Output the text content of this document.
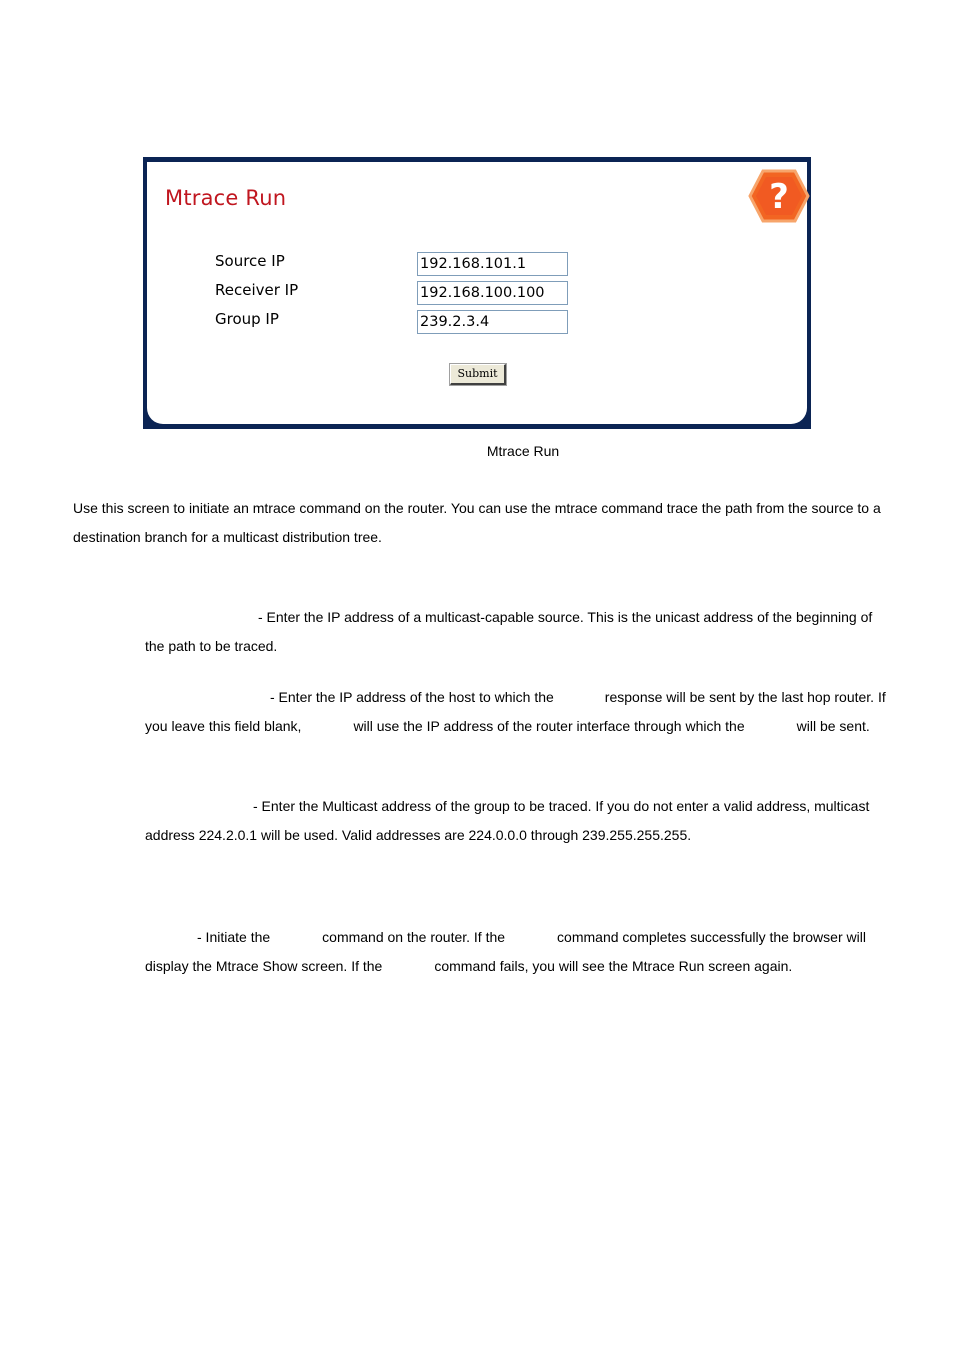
Mtrace Run	?
Source IP	192.168.101.1
Receiver IP	192.168.100.100
Group IP	239.2.3.4
Submit
Mtrace Run

Use this screen to initiate an mtrace command on the router. You can use the mtrace command trace the path from the source to a destination branch for a multicast distribution tree.

- Enter the IP address of a multicast-capable source. This is the unicast address of the beginning of the path to be traced.

- Enter the IP address of the host to which the	response will be sent by the last hop router. If you leave this field blank,	will use the IP address of the router interface through which the	will be sent.

- Enter the Multicast address of the group to be traced. If you do not enter a valid address, multicast address 224.2.0.1 will be used. Valid addresses are 224.0.0.0 through 239.255.255.255.

- Initiate the	command on the router. If the	command completes successfully the browser will display the Mtrace Show screen. If the	command fails, you will see the Mtrace Run screen again.
